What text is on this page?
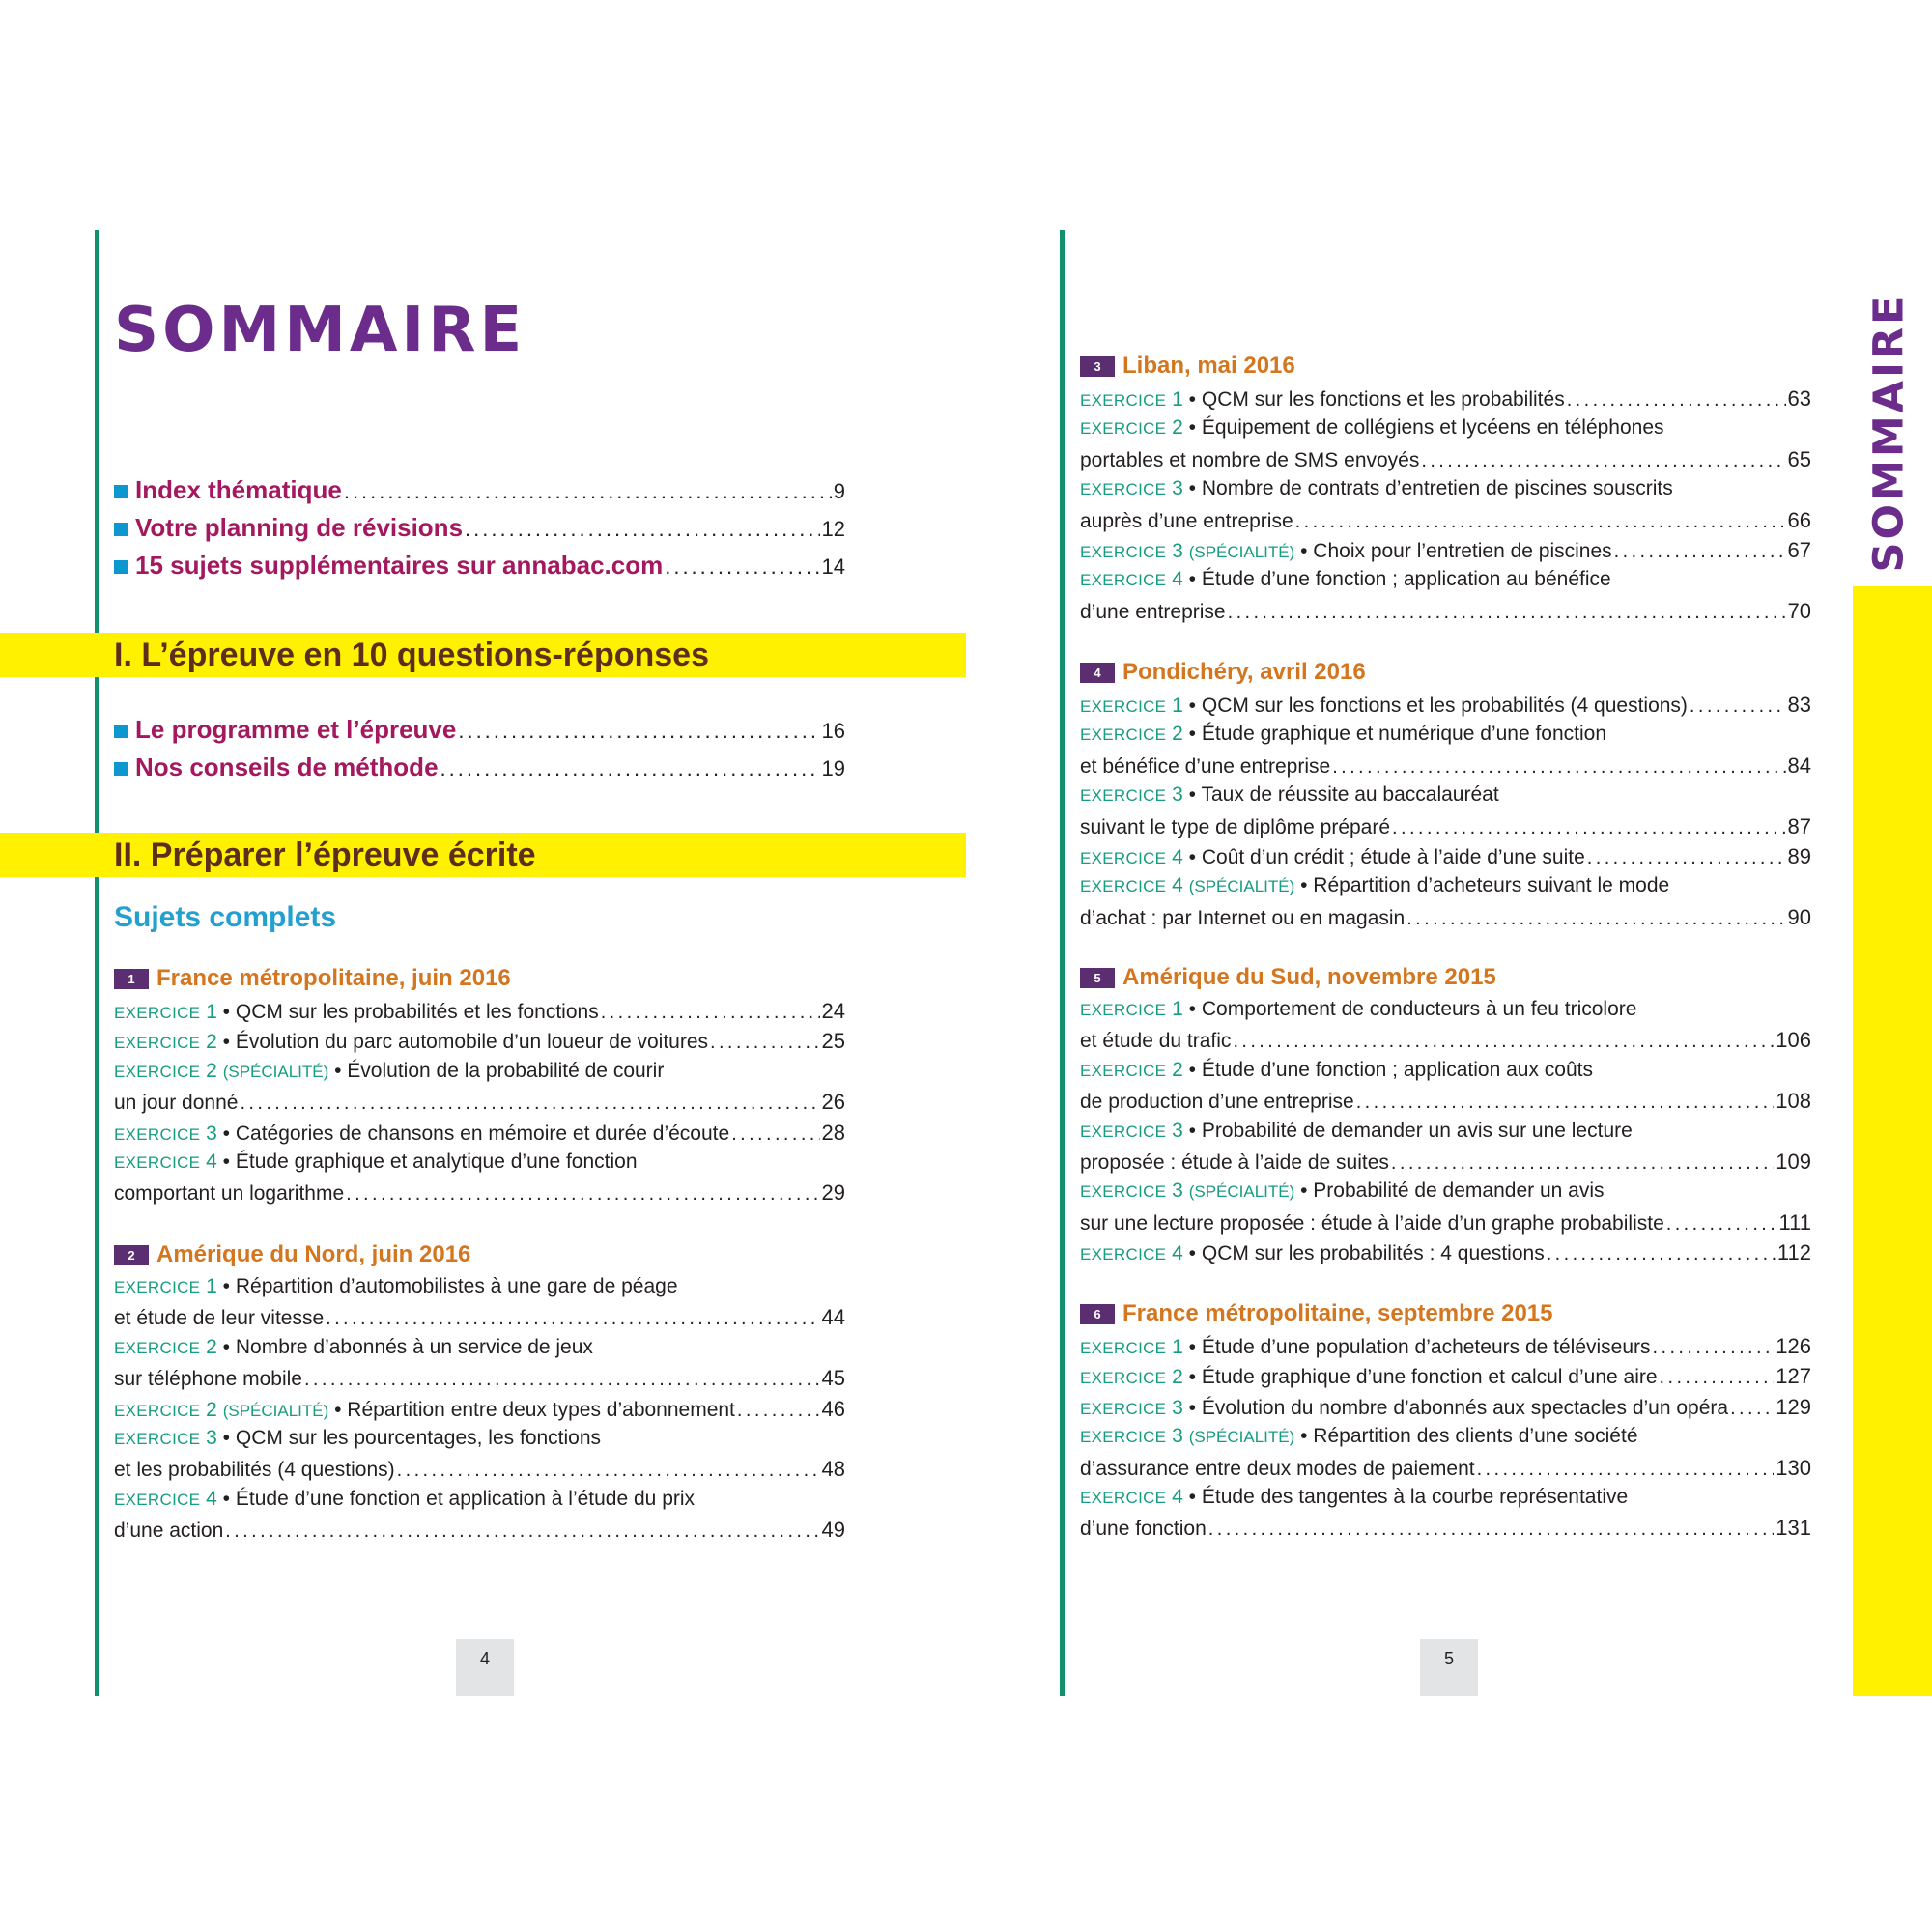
I. L’épreuve en 10 questions-réponses
II. Préparer l’épreuve écrite
SOMMAIRE
Index thématique .....	9
Votre planning de révisions .....	12
15 sujets supplémentaires sur annabac.com .....	14
Le programme et l’épreuve .....	16
Nos conseils de méthode .....	19
Sujets complets
1 France métropolitaine, juin 2016
EXERCICE 1 • QCM sur les probabilités et les fonctions .....	24
EXERCICE 2 • Évolution du parc automobile d’un loueur de voitures .....	25
EXERCICE 2 (SPÉCIALITÉ) • Évolution de la probabilité de courir
un jour donné .....	26
EXERCICE 3 • Catégories de chansons en mémoire et durée d’écoute .....	28
EXERCICE 4 • Étude graphique et analytique d’une fonction
comportant un logarithme .....	29
2 Amérique du Nord, juin 2016
EXERCICE 1 • Répartition d’automobilistes à une gare de péage
et étude de leur vitesse .....	44
EXERCICE 2 • Nombre d’abonnés à un service de jeux
sur téléphone mobile .....	45
EXERCICE 2 (SPÉCIALITÉ) • Répartition entre deux types d’abonnement .....	46
EXERCICE 3 • QCM sur les pourcentages, les fonctions
et les probabilités (4 questions) .....	48
EXERCICE 4 • Étude d’une fonction et application à l’étude du prix
d’une action .....	49
4
3 Liban, mai 2016
EXERCICE 1 • QCM sur les fonctions et les probabilités .....	63
EXERCICE 2 • Équipement de collégiens et lycéens en téléphones
portables et nombre de SMS envoyés .....	65
EXERCICE 3 • Nombre de contrats d’entretien de piscines souscrits
auprès d’une entreprise .....	66
EXERCICE 3 (SPÉCIALITÉ) • Choix pour l’entretien de piscines .....	67
EXERCICE 4 • Étude d’une fonction ; application au bénéfice
d’une entreprise .....	70
4 Pondichéry, avril 2016
EXERCICE 1 • QCM sur les fonctions et les probabilités (4 questions) .....	83
EXERCICE 2 • Étude graphique et numérique d’une fonction
et bénéfice d’une entreprise .....	84
EXERCICE 3 • Taux de réussite au baccalauréat
suivant le type de diplôme préparé .....	87
EXERCICE 4 • Coût d’un crédit ; étude à l’aide d’une suite .....	89
EXERCICE 4 (SPÉCIALITÉ) • Répartition d’acheteurs suivant le mode
d’achat : par Internet ou en magasin .....	90
5 Amérique du Sud, novembre 2015
EXERCICE 1 • Comportement de conducteurs à un feu tricolore
et étude du trafic .....	106
EXERCICE 2 • Étude d’une fonction ; application aux coûts
de production d’une entreprise .....	108
EXERCICE 3 • Probabilité de demander un avis sur une lecture
proposée : étude à l’aide de suites .....	109
EXERCICE 3 (SPÉCIALITÉ) • Probabilité de demander un avis
sur une lecture proposée : étude à l’aide d’un graphe probabiliste .....	111
EXERCICE 4 • QCM sur les probabilités : 4 questions .....	112
6 France métropolitaine, septembre 2015
EXERCICE 1 • Étude d’une population d’acheteurs de téléviseurs .....	126
EXERCICE 2 • Étude graphique d’une fonction et calcul d’une aire .....	127
EXERCICE 3 • Évolution du nombre d’abonnés aux spectacles d’un opéra ..... 129
EXERCICE 3 (SPÉCIALITÉ) • Répartition des clients d’une société
d’assurance entre deux modes de paiement .....	130
EXERCICE 4 • Étude des tangentes à la courbe représentative
d’une fonction .....	131
5
SOMMAIRE
